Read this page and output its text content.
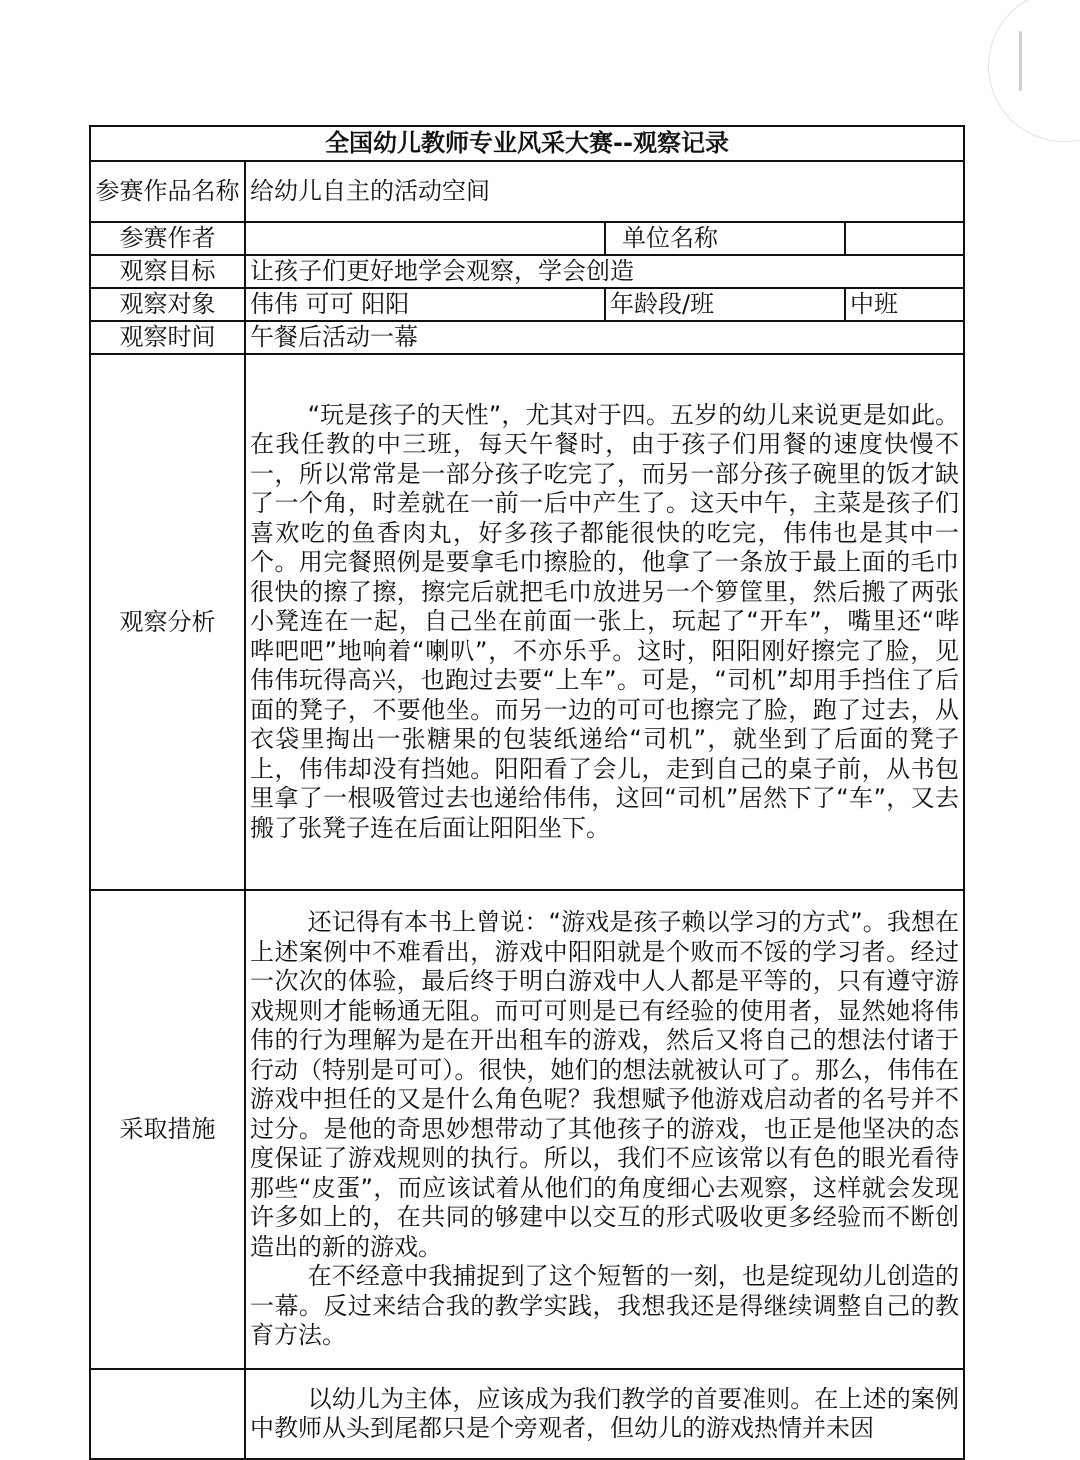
全国幼儿教师专业风采大赛--观察记录			
参赛作品名称	给幼儿自主的活动空间		
参赛作者		单位名称	
观察目标	让孩子们更好地学会观察，学会创造		
观察对象	伟伟 可可 阳阳	年龄段/班	中班
观察时间	午餐后活动一幕		
观察分析	“玩是孩子的天性”，尤其对于四。五岁的幼儿来说更是如此。在我任教的中三班，每天午餐时，由于孩子们用餐的速度快慢不一，所以常常是一部分孩子吃完了，而另一部分孩子碗里的饭才缺了一个角，时差就在一前一后中产生了。这天中午，主菜是孩子们喜欢吃的鱼香肉丸，好多孩子都能很快的吃完，伟伟也是其中一个。用完餐照例是要拿毛巾擦脸的，他拿了一条放于最上面的毛巾很快的擦了擦，擦完后就把毛巾放进另一个箩筐里，然后搬了两张小凳连在一起，自己坐在前面一张上，玩起了“开车”，嘴里还“哔哔吧吧”地响着“喇叭”，不亦乐乎。这时，阳阳刚好擦完了脸，见伟伟玩得高兴，也跑过去要“上车”。可是，“司机”却用手挡住了后面的凳子，不要他坐。而另一边的可可也擦完了脸，跑了过去，从衣袋里掏出一张糖果的包装纸递给“司机”，就坐到了后面的凳子上，伟伟却没有挡她。阳阳看了会儿，走到自己的桌子前，从书包里拿了一根吸管过去也递给伟伟，这回“司机”居然下了“车”，又去搬了张凳子连在后面让阳阳坐下。		

采取措施	还记得有本书上曾说：“游戏是孩子赖以学习的方式”。我想在上述案例中不难看出，游戏中阳阳就是个败而不馁的学习者。经过一次次的体验，最后终于明白游戏中人人都是平等的，只有遵守游戏规则才能畅通无阻。而可可则是已有经验的使用者，显然她将伟伟的行为理解为是在开出租车的游戏，然后又将自己的想法付诸于行动（特别是可可）。很快，她们的想法就被认可了。那么，伟伟在游戏中担任的又是什么角色呢？我想赋予他游戏启动者的名号并不过分。是他的奇思妙想带动了其他孩子的游戏，也正是他坚决的态度保证了游戏规则的执行。所以，我们不应该常以有色的眼光看待那些“皮蛋”，而应该试着从他们的角度细心去观察，这样就会发现许多如上的，在共同的够建中以交互的形式吸收更多经验而不断创造出的新的游戏。

在不经意中我捕捉到了这个短暂的一刻，也是绽现幼儿创造的一幕。反过来结合我的教学实践，我想我还是得继续调整自己的教育方法。		

	以幼儿为主体，应该成为我们教学的首要准则。在上述的案例中教师从头到尾都只是个旁观者，但幼儿的游戏热情并未因		
